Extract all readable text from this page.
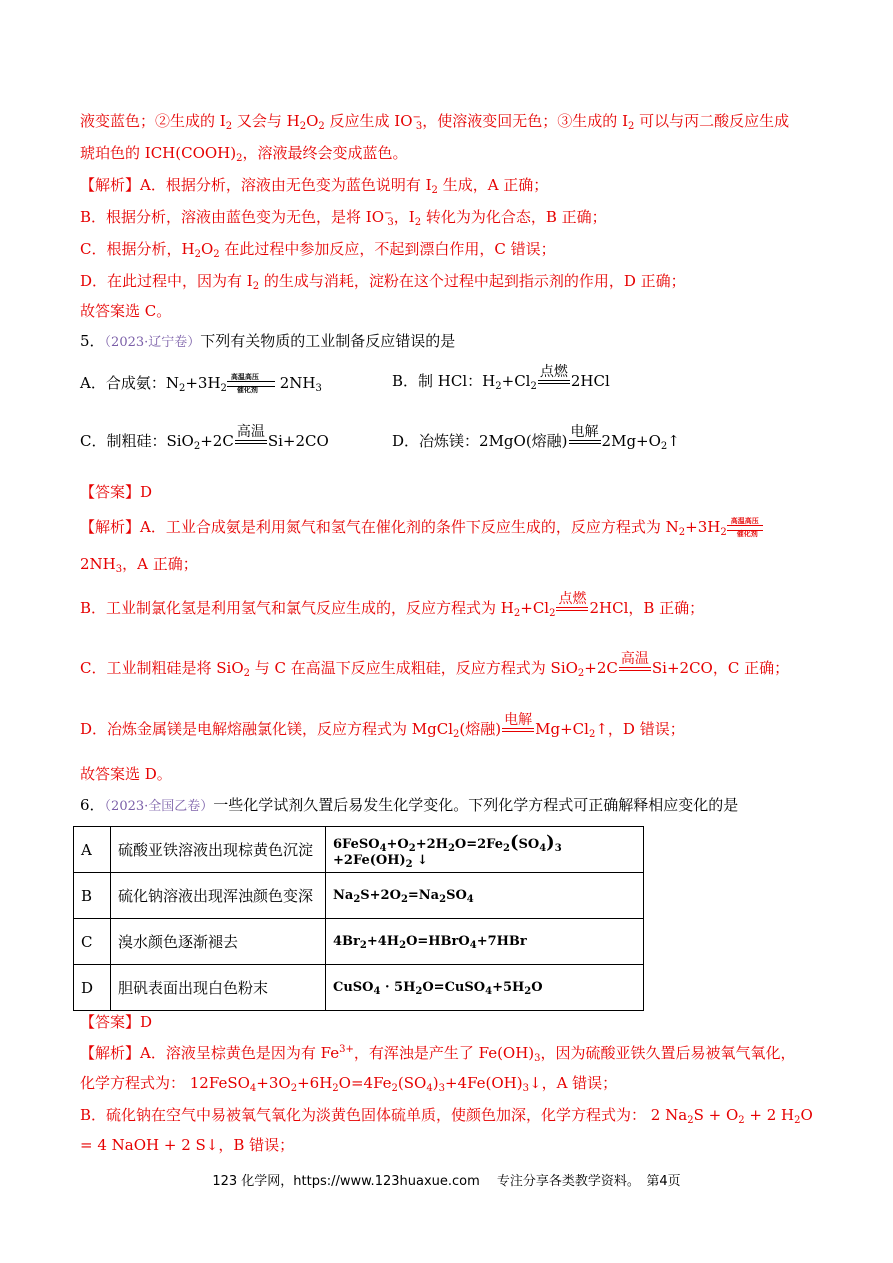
液变蓝色；②生成的 $I_2$ 又会与 $H_2O_2$ 反应生成 $IO^-_3$，使溶液变回无色；③生成的 $I_2$ 可以与丙二酸反应生成
琥珀色的 $ICH(COOH)_2$，溶液最终会变成蓝色。
【解析】A．根据分析，溶液由无色变为蓝色说明有 $I_2$ 生成，A 正确；
B．根据分析，溶液由蓝色变为无色，是将 $IO^-_3$，$I_2$ 转化为为化合态，B 正确；
C．根据分析，$H_2O_2$ 在此过程中参加反应，不起到漂白作用，C 错误；
D．在此过程中，因为有 $I_2$ 的生成与消耗，淀粉在这个过程中起到指示剂的作用，D 正确；
故答案选 C。
5．（2023·辽宁卷）下列有关物质的工业制备反应错误的是
A．合成氨：$N_2+3H_2$
高温高压
催化剂 $2NH_3$	B．制 HCl：$H_2+Cl_2$
点燃 2HCl
C．制粗硅：SiO$_2$+2C 高温 Si+2CO	D．冶炼镁：2MgO(熔融) 电解 $2Mg+O_2↑$
【答案】D
【解析】A．工业合成氨是利用氮气和氢气在催化剂的条件下反应生成的，反应方程式为 $N_2+3H_2$
高温高压
催化剂
$2NH_3$，A 正确；
B．工业制氯化氢是利用氢气和氯气反应生成的，反应方程式为 $H_2+Cl_2$
点燃 2HCl，B 正确；
C．工业制粗硅是将 SiO$_2$ 与 C 在高温下反应生成粗硅，反应方程式为 SiO$_2$+2C 高温 Si+2CO，C 正确；
D．冶炼金属镁是电解熔融氯化镁，反应方程式为 MgCl$_2$(熔融) 电解 $Mg+Cl_2↑$，D 错误；
故答案选 D。
6．（2023·全国乙卷）一些化学试剂久置后易发生化学变化。下列化学方程式可正确解释相应变化的是
A	硫酸亚铁溶液出现棕黄色沉淀	$6FeSO_4+O_2+2H_2O=2Fe_2(SO_4)_3 +2Fe(OH)_2$ ↓
B	硫化钠溶液出现浑浊颜色变深	$Na_2S+2O_2=Na_2SO_4$
C	溴水颜色逐渐褪去	$4Br_2+4H_2O=HBrO_4+7HBr$
D	胆矾表面出现白色粉末	CuSO$_4$ · $5H_2O=CuSO_4+5H_2O$
【答案】D
【解析】A．溶液呈棕黄色是因为有 $Fe^{3+}$，有浑浊是产生了 $Fe(OH)_3$，因为硫酸亚铁久置后易被氧气氧化，
化学方程式为： $12FeSO_4+3O_2+6H_2O=4Fe_2(SO_4)_3+4Fe(OH)_3↓$，A 错误；
B．硫化钠在空气中易被氧气氧化为淡黄色固体硫单质，使颜色加深，化学方程式为： 2 $Na_2S + O_2 + 2$ $H_2O$
= 4 NaOH + 2 S↓，B 错误；
123 化学网，https://www.123huaxue.com　 专注分享各类教学资料。　第4页
